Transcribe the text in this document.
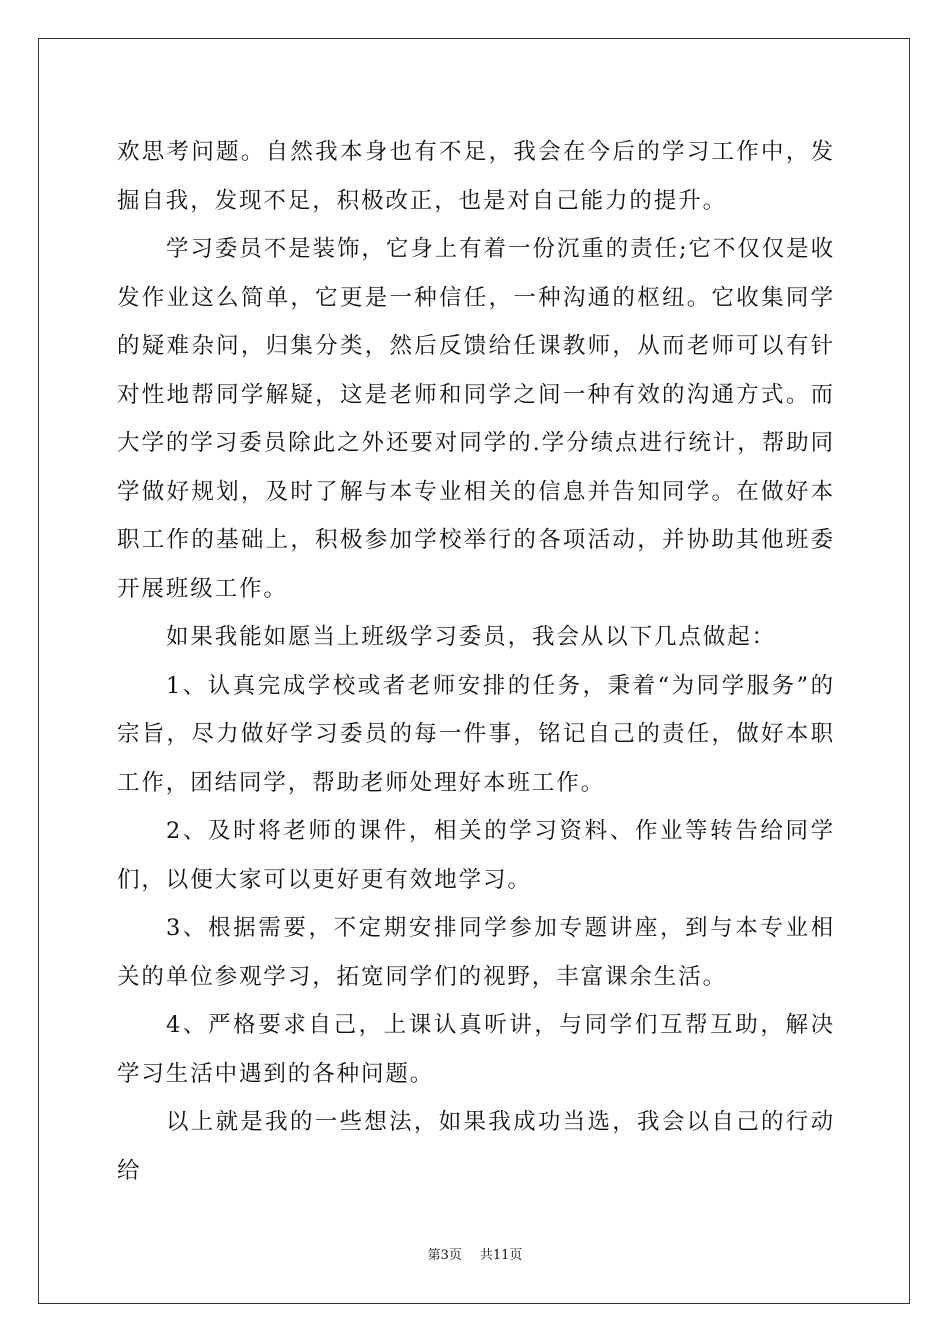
欢思考问题。自然我本身也有不足，我会在今后的学习工作中，发掘自我，发现不足，积极改正，也是对自己能力的提升。

学习委员不是装饰，它身上有着一份沉重的责任;它不仅仅是收发作业这么简单，它更是一种信任，一种沟通的枢纽。它收集同学的疑难杂问，归集分类，然后反馈给任课教师，从而老师可以有针对性地帮同学解疑，这是老师和同学之间一种有效的沟通方式。而大学的学习委员除此之外还要对同学的.学分绩点进行统计，帮助同学做好规划，及时了解与本专业相关的信息并告知同学。在做好本职工作的基础上，积极参加学校举行的各项活动，并协助其他班委开展班级工作。

如果我能如愿当上班级学习委员，我会从以下几点做起：

1、认真完成学校或者老师安排的任务，秉着“为同学服务”的宗旨，尽力做好学习委员的每一件事，铭记自己的责任，做好本职工作，团结同学，帮助老师处理好本班工作。

2、及时将老师的课件，相关的学习资料、作业等转告给同学们，以便大家可以更好更有效地学习。

3、根据需要，不定期安排同学参加专题讲座，到与本专业相关的单位参观学习，拓宽同学们的视野，丰富课余生活。

4、严格要求自己，上课认真听讲，与同学们互帮互助，解决学习生活中遇到的各种问题。

以上就是我的一些想法，如果我成功当选，我会以自己的行动给

第3页 共11页
